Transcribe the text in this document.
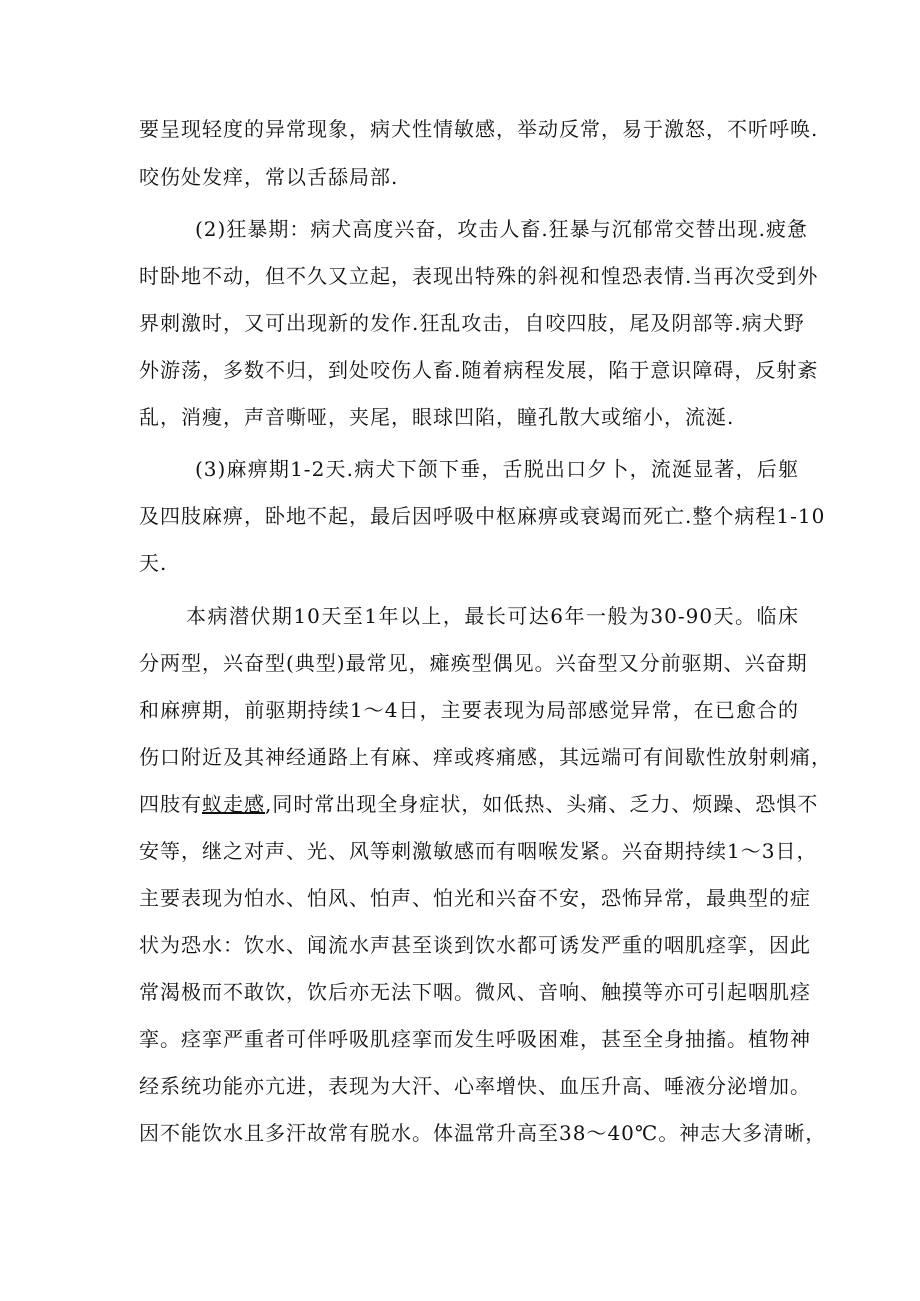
要呈现轻度的异常现象，病犬性情敏感，举动反常，易于激怒，不听呼唤.
咬伤处发痒，常以舌舔局部.
(2)狂暴期：病犬高度兴奋，攻击人畜.狂暴与沉郁常交替出现.疲惫
时卧地不动，但不久又立起，表现出特殊的斜视和惶恐表情.当再次受到外
界刺激时，又可出现新的发作.狂乱攻击，自咬四肢，尾及阴部等.病犬野
外游荡，多数不归，到处咬伤人畜.随着病程发展，陷于意识障碍，反射紊
乱，消瘦，声音嘶哑，夹尾，眼球凹陷，瞳孔散大或缩小，流涎.
(3)麻痹期1-2天.病犬下颌下垂，舌脱出口夕卜，流涎显著，后躯
及四肢麻痹，卧地不起，最后因呼吸中枢麻痹或衰竭而死亡.整个病程1-10
天.
本病潜伏期10天至1年以上，最长可达6年一般为30-90天。临床
分两型，兴奋型(典型)最常见，瘫痪型偶见。兴奋型又分前驱期、兴奋期
和麻痹期，前驱期持续1～4日，主要表现为局部感觉异常，在已愈合的
伤口附近及其神经通路上有麻、痒或疼痛感，其远端可有间歇性放射刺痛，
四肢有蚁走感,同时常出现全身症状，如低热、头痛、乏力、烦躁、恐惧不
安等，继之对声、光、风等刺激敏感而有咽喉发紧。兴奋期持续1～3日，
主要表现为怕水、怕风、怕声、怕光和兴奋不安，恐怖异常，最典型的症
状为恐水：饮水、闻流水声甚至谈到饮水都可诱发严重的咽肌痉挛，因此
常渴极而不敢饮，饮后亦无法下咽。微风、音响、触摸等亦可引起咽肌痉
挛。痉挛严重者可伴呼吸肌痉挛而发生呼吸困难，甚至全身抽搐。植物神
经系统功能亦亢进，表现为大汗、心率增快、血压升高、唾液分泌增加。
因不能饮水且多汗故常有脱水。体温常升高至38～40℃。神志大多清晰，
